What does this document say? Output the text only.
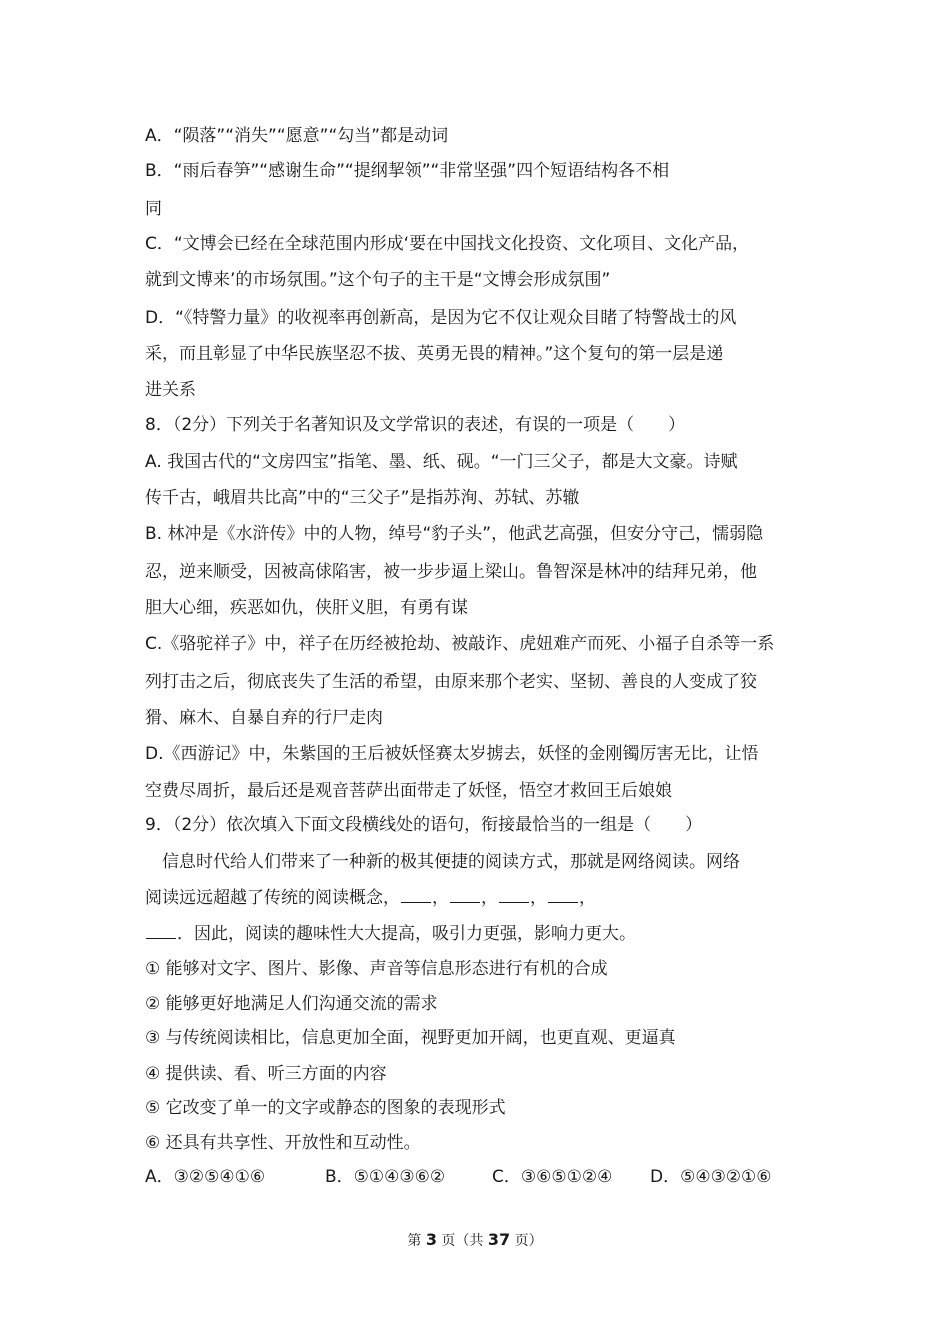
A．“陨落”“消失”“愿意”“勾当”都是动词
B．“雨后春笋”“感谢生命”“提纲挈领”“非常坚强”四个短语结构各不相
同
C．“文博会已经在全球范围内形成‘要在中国找文化投资、文化项目、文化产品，
就到文博来’的市场氛围。”这个句子的主干是“文博会形成氛围”
D．“《特警力量》的收视率再创新高，是因为它不仅让观众目睹了特警战士的风
采，而且彰显了中华民族坚忍不拔、英勇无畏的精神。”这个复句的第一层是递
进关系
8．（2分）下列关于名著知识及文学常识的表述，有误的一项是（　　）
A. 我国古代的“文房四宝”指笔、墨、纸、砚。“一门三父子，都是大文豪。诗赋
传千古，峨眉共比高”中的“三父子”是指苏洵、苏轼、苏辙
B. 林冲是《水浒传》中的人物，绰号“豹子头”，他武艺高强，但安分守己，懦弱隐
忍，逆来顺受，因被高俅陷害，被一步步逼上梁山。鲁智深是林冲的结拜兄弟，他
胆大心细，疾恶如仇，侠肝义胆，有勇有谋
C.《骆驼祥子》中，祥子在历经被抢劫、被敲诈、虎妞难产而死、小福子自杀等一系
列打击之后，彻底丧失了生活的希望，由原来那个老实、坚韧、善良的人变成了狡
猾、麻木、自暴自弃的行尸走肉
D.《西游记》中，朱紫国的王后被妖怪赛太岁掳去，妖怪的金刚镯厉害无比，让悟
空费尽周折，最后还是观音菩萨出面带走了妖怪，悟空才救回王后娘娘
9．（2分）依次填入下面文段横线处的语句，衔接最恰当的一组是（　　）
　信息时代给人们带来了一种新的极其便捷的阅读方式，那就是网络阅读。网络
阅读远远超越了传统的阅读概念， ， ， ， ，
．因此，阅读的趣味性大大提高，吸引力更强，影响力更大。
① 能够对文字、图片、影像、声音等信息形态进行有机的合成
② 能够更好地满足人们沟通交流的需求
③ 与传统阅读相比，信息更加全面，视野更加开阔，也更直观、更逼真
④ 提供读、看、听三方面的内容
⑤ 它改变了单一的文字或静态的图象的表现形式
⑥ 还具有共享性、开放性和互动性。
A．③②⑤④①⑥	B．⑤①④③⑥②	C．③⑥⑤①②④ D．⑤④③②①⑥
第 3 页（共 37 页）
